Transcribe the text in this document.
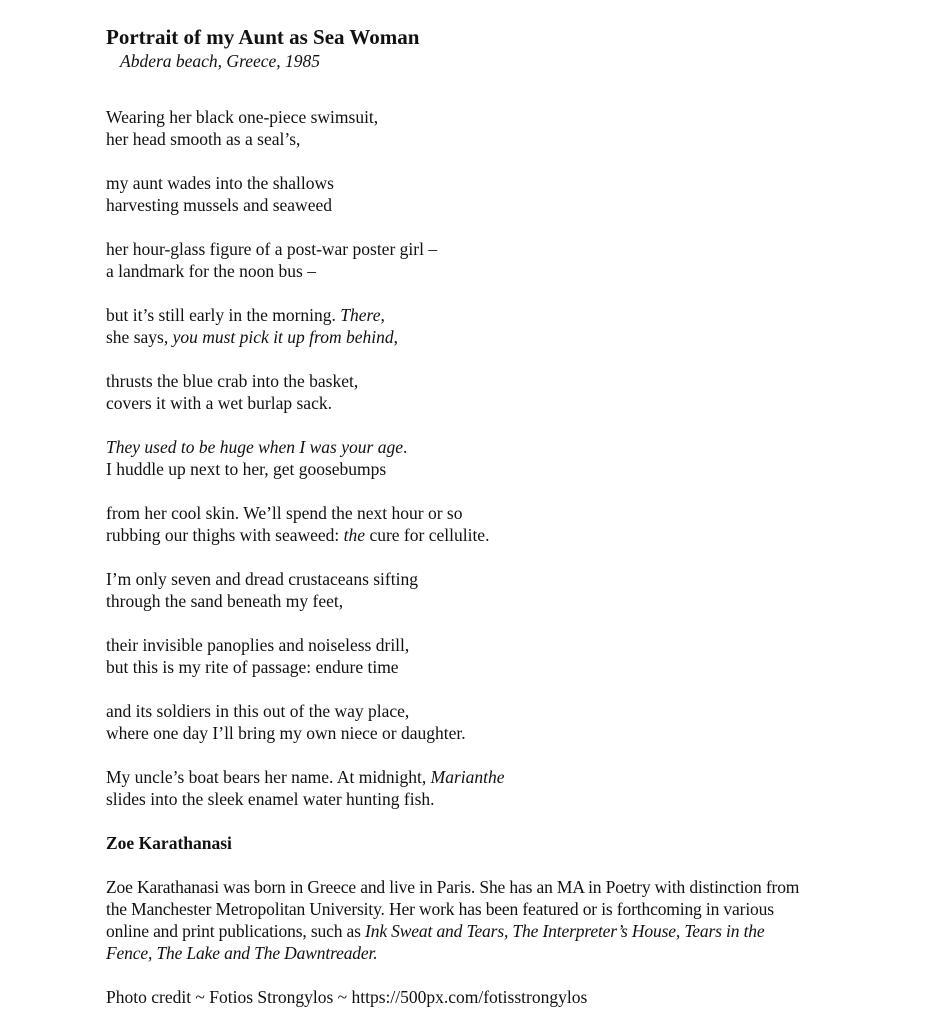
Portrait of my Aunt as Sea Woman

Abdera beach, Greece, 1985

Wearing her black one-piece swimsuit,
her head smooth as a seal’s,
my aunt wades into the shallows
harvesting mussels and seaweed
her hour-glass figure of a post-war poster girl –
a landmark for the noon bus –
but it’s still early in the morning. There,
she says, you must pick it up from behind,
thrusts the blue crab into the basket,
covers it with a wet burlap sack.
They used to be huge when I was your age.
I huddle up next to her, get goosebumps
from her cool skin. We’ll spend the next hour or so
rubbing our thighs with seaweed: the cure for cellulite.
I’m only seven and dread crustaceans sifting
through the sand beneath my feet,
their invisible panoplies and noiseless drill,
but this is my rite of passage: endure time
and its soldiers in this out of the way place,
where one day I’ll bring my own niece or daughter.
My uncle’s boat bears her name. At midnight, Marianthe
slides into the sleek enamel water hunting fish.

Zoe Karathanasi

Zoe Karathanasi was born in Greece and live in Paris. She has an MA in Poetry with distinction from the Manchester Metropolitan University. Her work has been featured or is forthcoming in various online and print publications, such as Ink Sweat and Tears, The Interpreter’s House, Tears in the Fence, The Lake and The Dawntreader.

Photo credit ~ Fotios Strongylos ~ https://500px.com/fotisstrongylos
